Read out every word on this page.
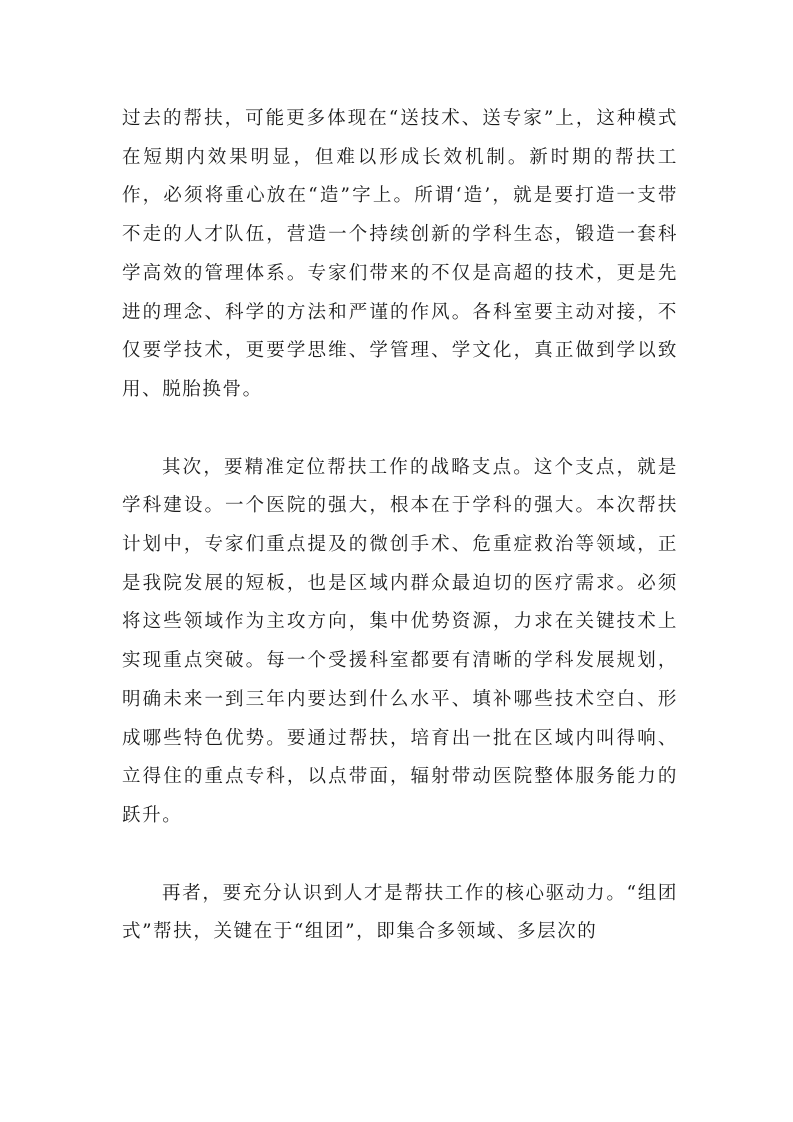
过去的帮扶，可能更多体现在“送技术、送专家”上，这种模式在短期内效果明显，但难以形成长效机制。新时期的帮扶工作，必须将重心放在“造”字上。所谓‘造’，就是要打造一支带不走的人才队伍，营造一个持续创新的学科生态，锻造一套科学高效的管理体系。专家们带来的不仅是高超的技术，更是先进的理念、科学的方法和严谨的作风。各科室要主动对接，不仅要学技术，更要学思维、学管理、学文化，真正做到学以致用、脱胎换骨。

其次，要精准定位帮扶工作的战略支点。这个支点，就是学科建设。一个医院的强大，根本在于学科的强大。本次帮扶计划中，专家们重点提及的微创手术、危重症救治等领域，正是我院发展的短板，也是区域内群众最迫切的医疗需求。必须将这些领域作为主攻方向，集中优势资源，力求在关键技术上实现重点突破。每一个受援科室都要有清晰的学科发展规划，明确未来一到三年内要达到什么水平、填补哪些技术空白、形成哪些特色优势。要通过帮扶，培育出一批在区域内叫得响、立得住的重点专科，以点带面，辐射带动医院整体服务能力的跃升。

再者，要充分认识到人才是帮扶工作的核心驱动力。“组团式”帮扶，关键在于“组团”，即集合多领域、多层次的
